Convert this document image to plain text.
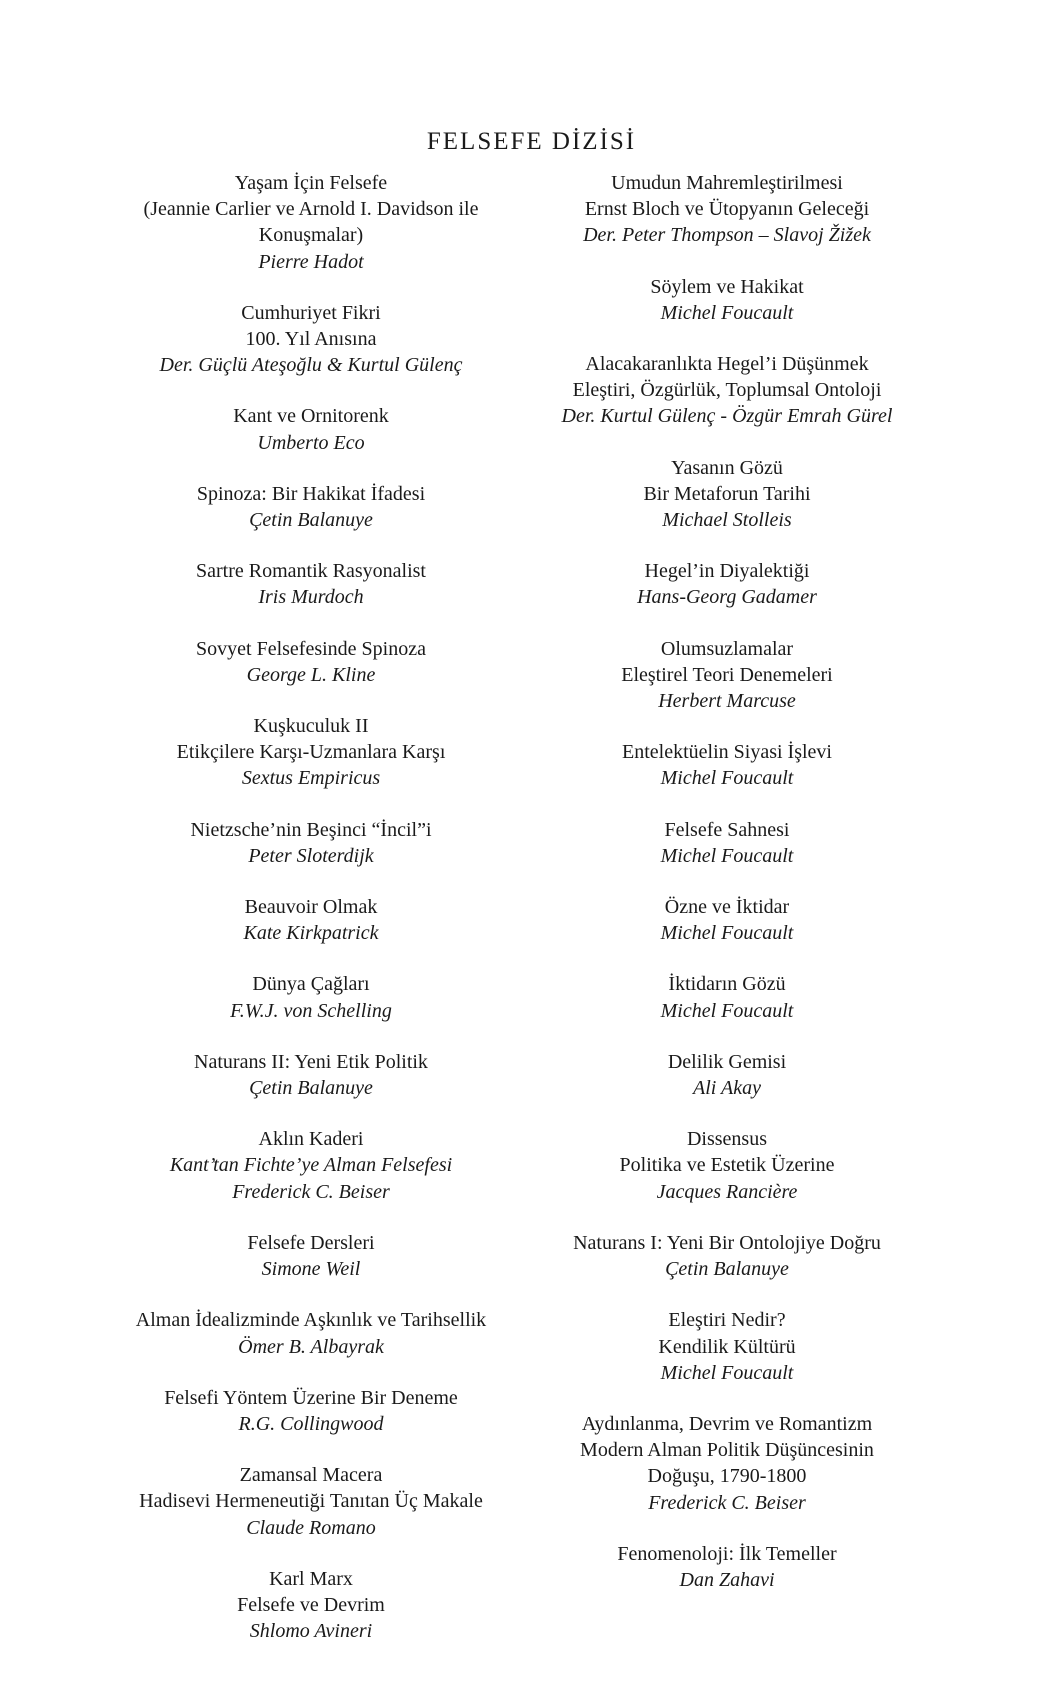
FELSEFE DİZİSİ
Yaşam İçin Felsefe
(Jeannie Carlier ve Arnold I. Davidson ile
Konuşmalar)
Pierre Hadot
Cumhuriyet Fikri
100. Yıl Anısına
Der. Güçlü Ateşoğlu & Kurtul Gülenç
Kant ve Ornitorenk
Umberto Eco
Spinoza: Bir Hakikat İfadesi
Çetin Balanuye
Sartre Romantik Rasyonalist
Iris Murdoch
Sovyet Felsefesinde Spinoza
George L. Kline
Kuşkuculuk II
Etikçilere Karşı-Uzmanlara Karşı
Sextus Empiricus
Nietzsche’nin Beşinci “İncil”i
Peter Sloterdijk
Beauvoir Olmak
Kate Kirkpatrick
Dünya Çağları
F.W.J. von Schelling
Naturans II: Yeni Etik Politik
Çetin Balanuye
Aklın Kaderi
Kant’tan Fichte’ye Alman Felsefesi
Frederick C. Beiser
Felsefe Dersleri
Simone Weil
Alman İdealizminde Aşkınlık ve Tarihsellik
Ömer B. Albayrak
Felsefi Yöntem Üzerine Bir Deneme
R.G. Collingwood
Zamansal Macera
Hadisevi Hermeneutiği Tanıtan Üç Makale
Claude Romano
Karl Marx
Felsefe ve Devrim
Shlomo Avineri
Umudun Mahremleştirilmesi
Ernst Bloch ve Ütopyanın Geleceği
Der. Peter Thompson – Slavoj Žižek
Söylem ve Hakikat
Michel Foucault
Alacakaranlıkta Hegel’i Düşünmek
Eleştiri, Özgürlük, Toplumsal Ontoloji
Der. Kurtul Gülenç - Özgür Emrah Gürel
Yasanın Gözü
Bir Metaforun Tarihi
Michael Stolleis
Hegel’in Diyalektiği
Hans-Georg Gadamer
Olumsuzlamalar
Eleştirel Teori Denemeleri
Herbert Marcuse
Entelektüelin Siyasi İşlevi
Michel Foucault
Felsefe Sahnesi
Michel Foucault
Özne ve İktidar
Michel Foucault
İktidarın Gözü
Michel Foucault
Delilik Gemisi
Ali Akay
Dissensus
Politika ve Estetik Üzerine
Jacques Rancière
Naturans I: Yeni Bir Ontolojiye Doğru
Çetin Balanuye
Eleştiri Nedir?
Kendilik Kültürü
Michel Foucault
Aydınlanma, Devrim ve Romantizm
Modern Alman Politik Düşüncesinin
Doğuşu, 1790-1800
Frederick C. Beiser
Fenomenoloji: İlk Temeller
Dan Zahavi
